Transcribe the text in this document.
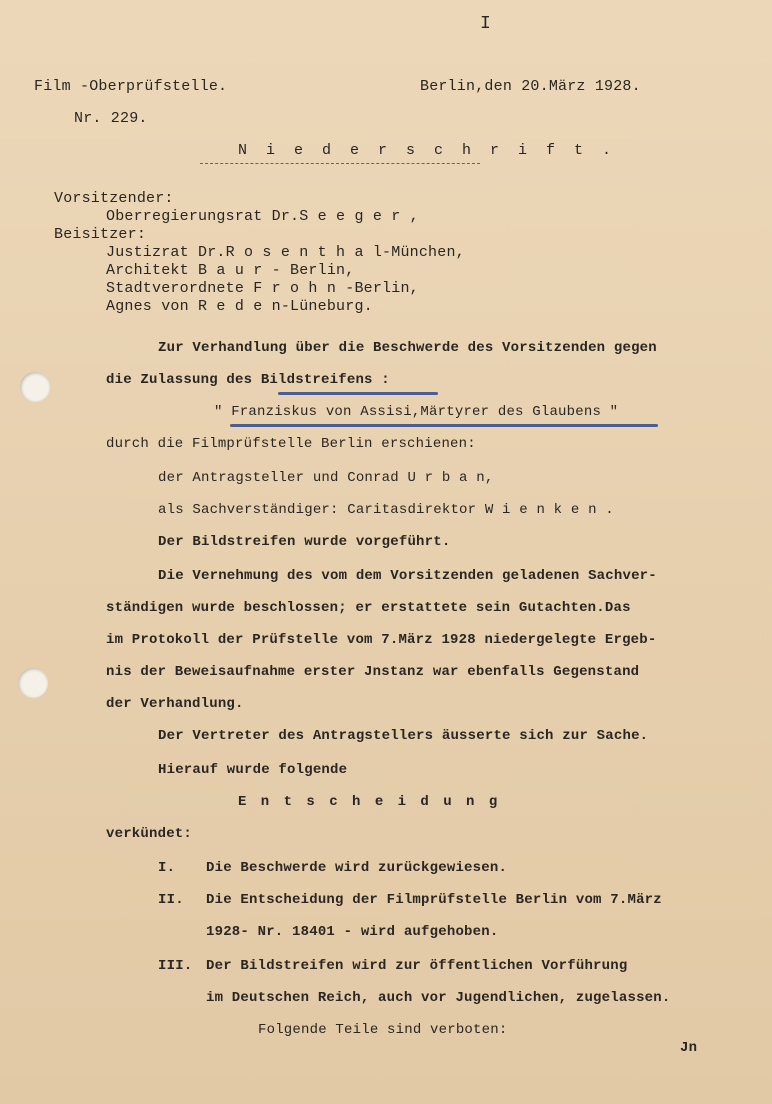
I
Film -Oberprüfstelle.	Berlin,den 20.März 1928.
Nr. 229.
N i e d e r s c h r i f t .
Vorsitzender:
Oberregierungsrat Dr.S e e g e r ,
Beisitzer:
Justizrat Dr.R o s e n t h a l-München,
Architekt B a u r - Berlin,
Stadtverordnete F r o h n -Berlin,
Agnes von R e d e n-Lüneburg.
Zur Verhandlung über die Beschwerde des Vorsitzenden gegen
die Zulassung des Bildstreifens :
" Franziskus von Assisi,Märtyrer des Glaubens "
durch die Filmprüfstelle Berlin erschienen:
der Antragsteller und Conrad U r b a n,
als Sachverständiger: Caritasdirektor W i e n k e n .
Der Bildstreifen wurde vorgeführt.
Die Vernehmung des vom dem Vorsitzenden geladenen Sachver-
ständigen wurde beschlossen; er erstattete sein Gutachten.Das
im Protokoll der Prüfstelle vom 7.März 1928 niedergelegte Ergeb-
nis der Beweisaufnahme erster Jnstanz war ebenfalls Gegenstand
der Verhandlung.
Der Vertreter des Antragstellers äusserte sich zur Sache.
Hierauf wurde folgende
E n t s c h e i d u n g
verkündet:
I. Die Beschwerde wird zurückgewiesen.
II. Die Entscheidung der Filmprüfstelle Berlin vom 7.März
1928- Nr. 18401 - wird aufgehoben.
III. Der Bildstreifen wird zur öffentlichen Vorführung
im Deutschen Reich, auch vor Jugendlichen, zugelassen.
Folgende Teile sind verboten:
Jn
